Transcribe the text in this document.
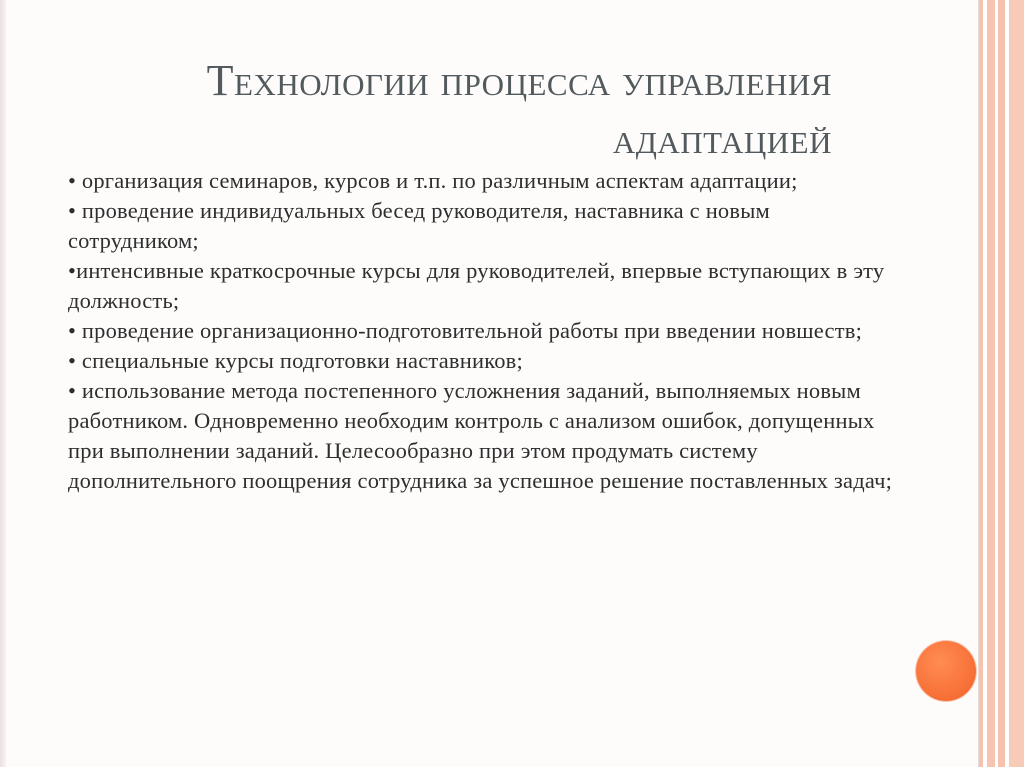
Технологии процесса управления
адаптацией

• организация семинаров, курсов и т.п. по различным аспектам адаптации;

• проведение индивидуальных бесед руководителя, наставника с новым сотрудником;

•интенсивные краткосрочные курсы для руководителей, впервые вступающих в эту должность;

• проведение организационно-подготовительной работы при введении новшеств;

• специальные курсы подготовки наставников;

• использование метода постепенного усложнения заданий, выполняемых новым работником. Одновременно необходим контроль с анализом ошибок, допущенных при выполнении заданий. Целесообразно при этом продумать систему дополнительного поощрения сотрудника за успешное решение поставленных задач;
